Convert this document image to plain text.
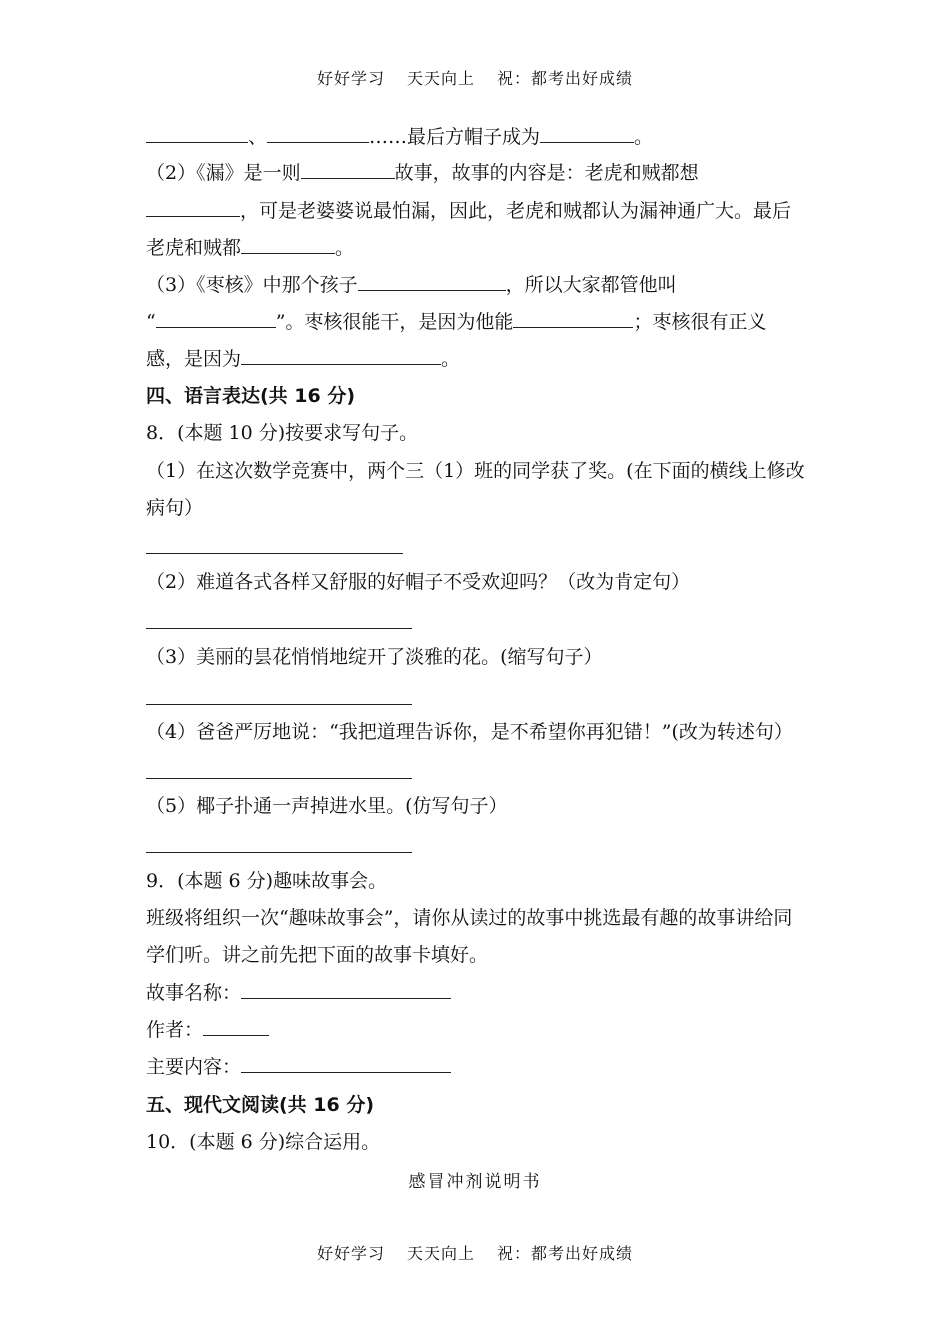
好好学习 天天向上 祝：都考出好成绩
、	……最后方帽子成为	。
（2）《漏》是一则	故事，故事的内容是：老虎和贼都想
，可是老婆婆说最怕漏，因此，老虎和贼都认为漏神通广大。最后
老虎和贼都	。
（3）《枣核》中那个孩子	，所以大家都管他叫
“	”。枣核很能干，是因为他能	；枣核很有正义
感，是因为	。
四、语言表达(共 16 分)
8．(本题 10 分)按要求写句子。
（1）在这次数学竞赛中，两个三（1）班的同学获了奖。(在下面的横线上修改
病句）
（2）难道各式各样又舒服的好帽子不受欢迎吗？（改为肯定句）
（3）美丽的昙花悄悄地绽开了淡雅的花。(缩写句子）
（4）爸爸严厉地说：“我把道理告诉你，是不希望你再犯错！”(改为转述句）
（5）椰子扑通一声掉进水里。(仿写句子）
9．(本题 6 分)趣味故事会。
班级将组织一次“趣味故事会”，请你从读过的故事中挑选最有趣的故事讲给同
学们听。讲之前先把下面的故事卡填好。
故事名称：
作者：
主要内容：
五、现代文阅读(共 16 分)
10．(本题 6 分)综合运用。
感冒冲剂说明书
好好学习 天天向上 祝：都考出好成绩
